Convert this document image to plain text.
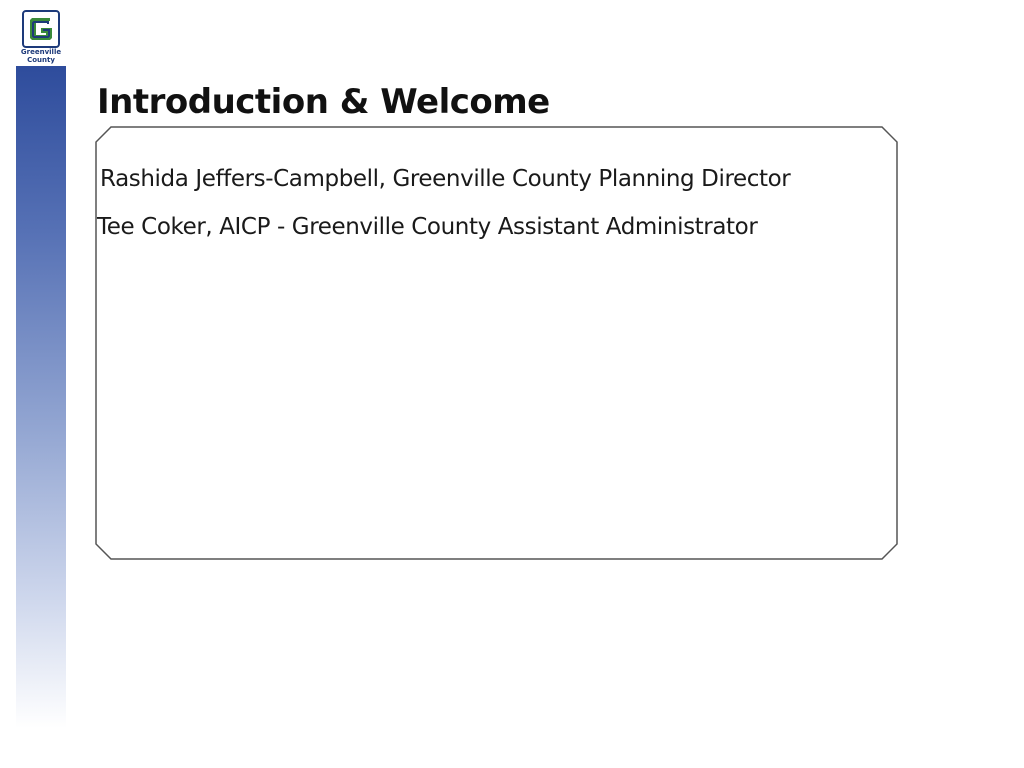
Greenville
County
Introduction & Welcome

Rashida Jeffers-Campbell, Greenville County Planning Director

Tee Coker, AICP - Greenville County Assistant Administrator
